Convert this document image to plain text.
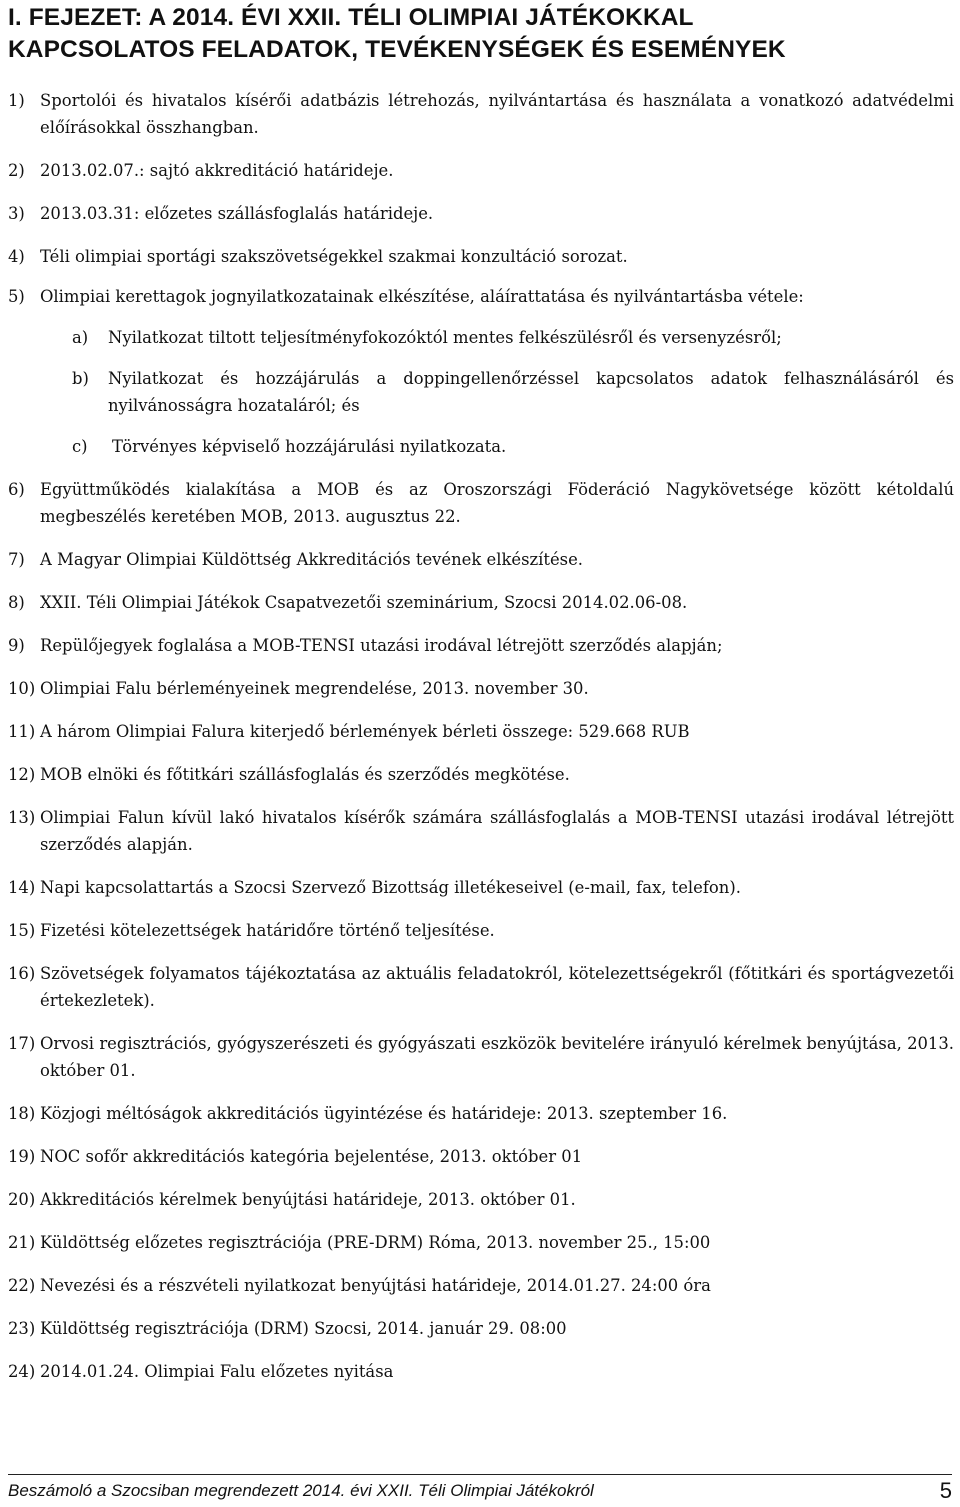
I. FEJEZET: A 2014. ÉVI XXII. TÉLI OLIMPIAI JÁTÉKOKKAL
KAPCSOLATOS FELADATOK, TEVÉKENYSÉGEK ÉS ESEMÉNYEK
1) Sportolói és hivatalos kísérői adatbázis létrehozás, nyilvántartása és használata a vonatkozó adatvédelmi előírásokkal összhangban.
2) 2013.02.07.: sajtó akkreditáció határideje.
3) 2013.03.31: előzetes szállásfoglalás határideje.
4) Téli olimpiai sportági szakszövetségekkel szakmai konzultáció sorozat.
5) Olimpiai kerettagok jognyilatkozatainak elkészítése, aláírattatása és nyilvántartásba vétele:
a)	Nyilatkozat tiltott teljesítményfokozóktól mentes felkészülésről és versenyzésről;
b)	Nyilatkozat és hozzájárulás a doppingellenőrzéssel kapcsolatos adatok felhasználásáról és nyilvánosságra hozataláról; és
c)	Törvényes képviselő hozzájárulási nyilatkozata.
6) Együttműködés kialakítása a MOB és az Oroszországi Föderáció Nagykövetsége között kétoldalú megbeszélés keretében MOB, 2013. augusztus 22.
7) A Magyar Olimpiai Küldöttség Akkreditációs tevének elkészítése.
8) XXII. Téli Olimpiai Játékok Csapatvezetői szeminárium, Szocsi 2014.02.06-08.
9) Repülőjegyek foglalása a MOB-TENSI utazási irodával létrejött szerződés alapján;
10) Olimpiai Falu bérleményeinek megrendelése, 2013. november 30.
11) A három Olimpiai Falura kiterjedő bérlemények bérleti összege: 529.668 RUB
12) MOB elnöki és főtitkári szállásfoglalás és szerződés megkötése.
13) Olimpiai Falun kívül lakó hivatalos kísérők számára szállásfoglalás a MOB-TENSI utazási irodával létrejött szerződés alapján.
14) Napi kapcsolattartás a Szocsi Szervező Bizottság illetékeseivel (e-mail, fax, telefon).
15) Fizetési kötelezettségek határidőre történő teljesítése.
16) Szövetségek folyamatos tájékoztatása az aktuális feladatokról, kötelezettségekről (főtitkári és sportágvezetői értekezletek).
17) Orvosi regisztrációs, gyógyszerészeti és gyógyászati eszközök bevitelére irányuló kérelmek benyújtása, 2013. október 01.
18) Közjogi méltóságok akkreditációs ügyintézése és határideje: 2013. szeptember 16.
19) NOC sofőr akkreditációs kategória bejelentése, 2013. október 01
20) Akkreditációs kérelmek benyújtási határideje, 2013. október 01.
21) Küldöttség előzetes regisztrációja (PRE-DRM) Róma, 2013. november 25., 15:00
22) Nevezési és a részvételi nyilatkozat benyújtási határideje, 2014.01.27. 24:00 óra
23) Küldöttség regisztrációja (DRM) Szocsi, 2014. január 29. 08:00
24) 2014.01.24. Olimpiai Falu előzetes nyitása
Beszámoló a Szocsiban megrendezett 2014. évi XXII. Téli Olimpiai Játékokról	5
